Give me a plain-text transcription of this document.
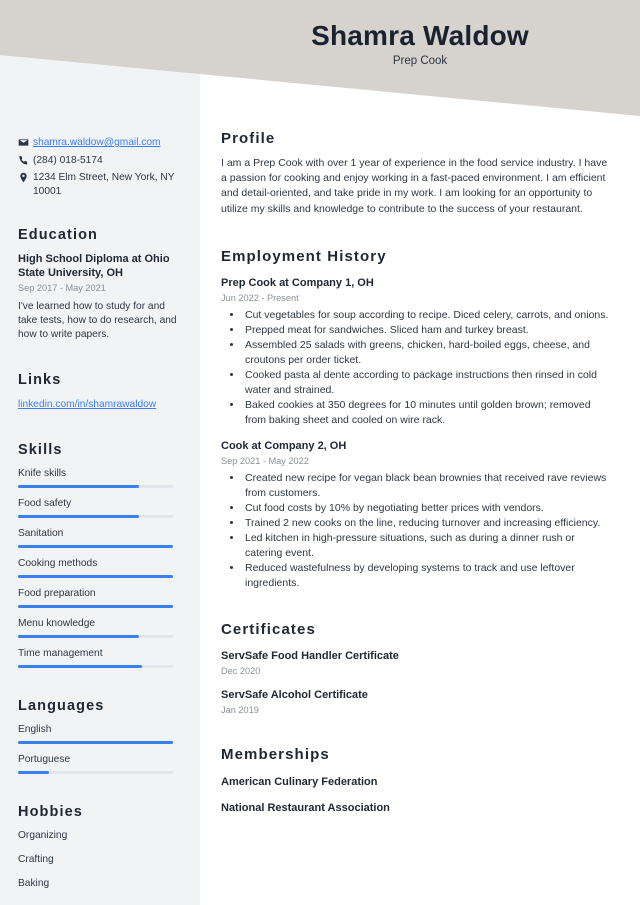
Shamra Waldow

Prep Cook

shamra.waldow@gmail.com
(284) 018-5174
1234 Elm Street, New York, NY 10001
Education

High School Diploma at Ohio State University, OH

Sep 2017 - May 2021

I've learned how to study for and take tests, how to do research, and how to write papers.

Links
linkedin.com/in/shamrawaldow
Skills
Knife skills
Food safety
Sanitation
Cooking methods
Food preparation
Menu knowledge
Time management
Languages
English
Portuguese
Hobbies

Organizing

Crafting

Baking

Profile

I am a Prep Cook with over 1 year of experience in the food service industry. I have a passion for cooking and enjoy working in a fast-paced environment. I am efficient and detail-oriented, and take pride in my work. I am looking for an opportunity to utilize my skills and knowledge to contribute to the success of your restaurant.

Employment History

Prep Cook at Company 1, OH

Jun 2022 - Present

• Cut vegetables for soup according to recipe. Diced celery, carrots, and onions.
• Prepped meat for sandwiches. Sliced ham and turkey breast.
• Assembled 25 salads with greens, chicken, hard-boiled eggs, cheese, and croutons per order ticket.
• Cooked pasta al dente according to package instructions then rinsed in cold water and strained.
• Baked cookies at 350 degrees for 10 minutes until golden brown; removed from baking sheet and cooled on wire rack.

Cook at Company 2, OH

Sep 2021 - May 2022

• Created new recipe for vegan black bean brownies that received rave reviews from customers.
• Cut food costs by 10% by negotiating better prices with vendors.
• Trained 2 new cooks on the line, reducing turnover and increasing efficiency.
• Led kitchen in high-pressure situations, such as during a dinner rush or catering event.
• Reduced wastefulness by developing systems to track and use leftover ingredients.
Certificates

ServSafe Food Handler Certificate

Dec 2020

ServSafe Alcohol Certificate

Jan 2019

Memberships

American Culinary Federation

National Restaurant Association
